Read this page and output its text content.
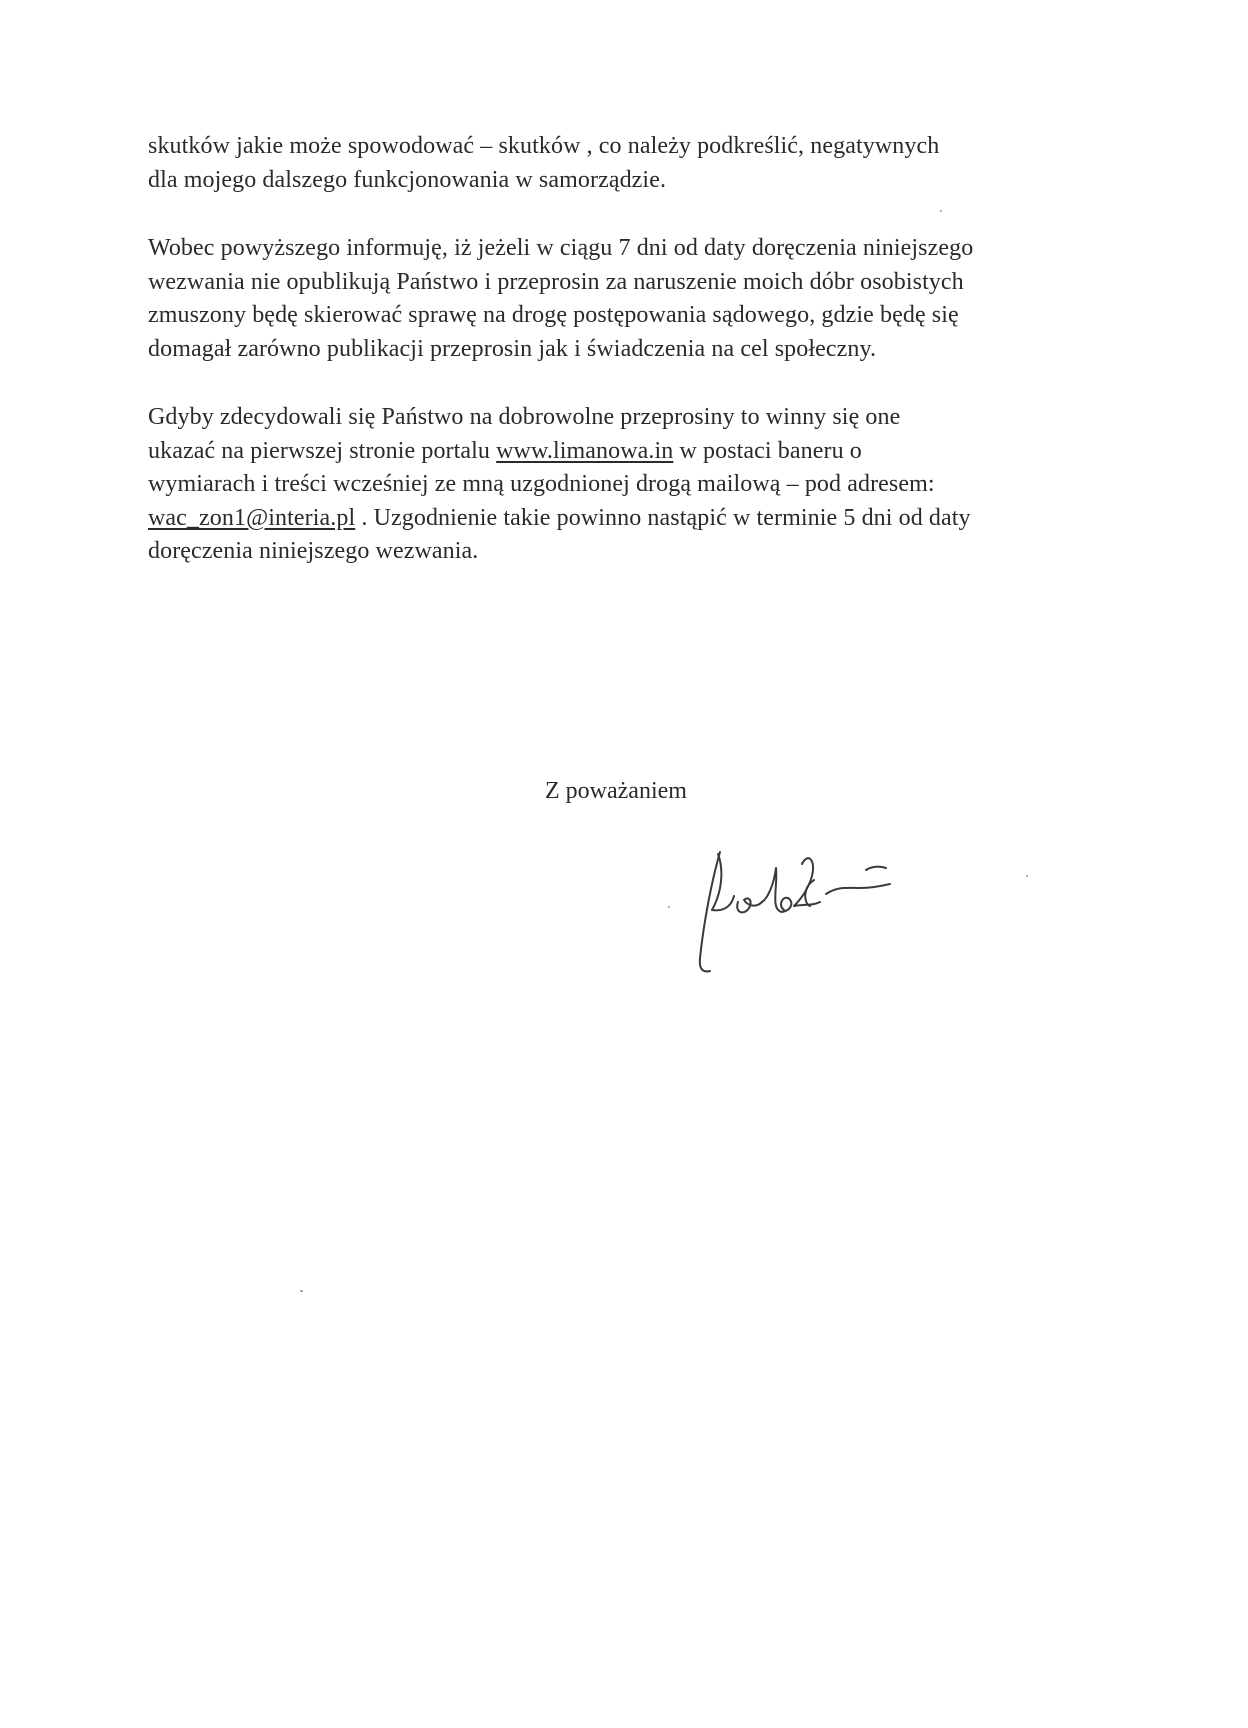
skutków jakie może spowodować – skutków , co należy podkreślić, negatywnych
dla mojego dalszego funkcjonowania w samorządzie.
Wobec powyższego informuję, iż jeżeli w ciągu 7 dni od daty doręczenia niniejszego
wezwania nie opublikują Państwo i przeprosin za naruszenie moich dóbr osobistych
zmuszony będę skierować sprawę na drogę postępowania sądowego, gdzie będę się
domagał zarówno publikacji przeprosin jak i świadczenia na cel społeczny.
Gdyby zdecydowali się Państwo na dobrowolne przeprosiny to winny się one
ukazać na pierwszej stronie portalu www.limanowa.in w postaci baneru o
wymiarach i treści wcześniej ze mną uzgodnionej drogą mailową – pod adresem:
wac_zon1@interia.pl . Uzgodnienie takie powinno nastąpić w terminie 5 dni od daty
doręczenia niniejszego wezwania.
Z poważaniem
